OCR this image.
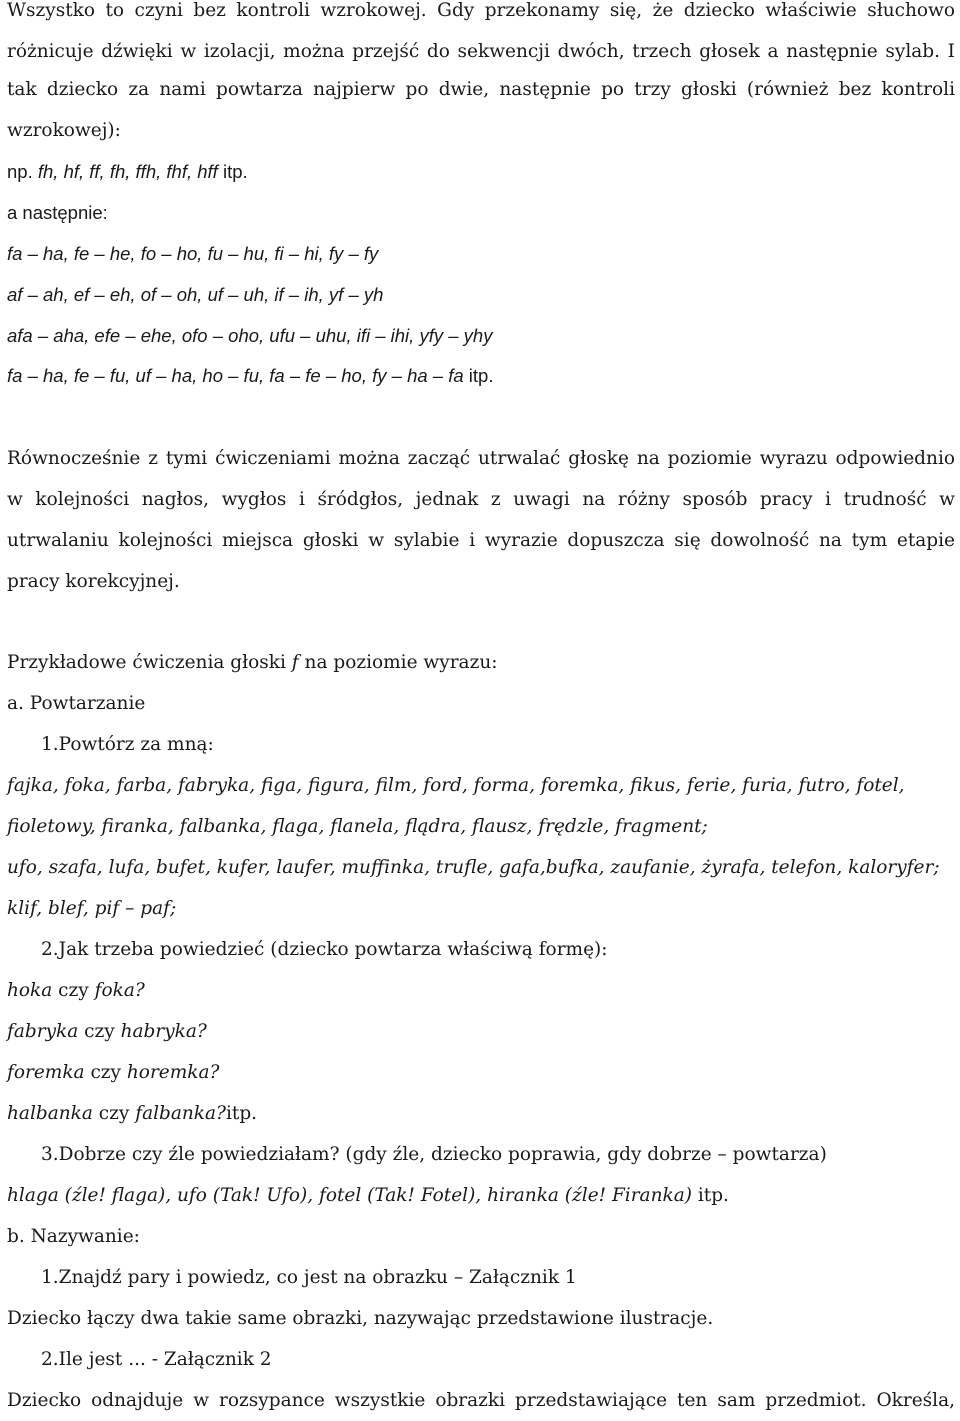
Wszystko to czyni bez kontroli wzrokowej. Gdy przekonamy się, że dziecko właściwie słuchowo
różnicuje dźwięki w izolacji, można przejść do sekwencji dwóch, trzech głosek a następnie sylab. I
tak dziecko za nami powtarza najpierw po dwie, następnie po trzy głoski (również bez kontroli
wzrokowej):
np. fh, hf, ff, fh, ffh, fhf, hff itp.
a następnie:
fa – ha, fe – he, fo – ho, fu – hu, fi – hi, fy – fy
af – ah, ef – eh, of – oh, uf – uh, if – ih, yf – yh
afa – aha, efe – ehe, ofo – oho, ufu – uhu, ifi – ihi, yfy – yhy
fa – ha, fe – fu, uf – ha, ho – fu, fa – fe – ho, fy – ha – fa itp.
Równocześnie z tymi ćwiczeniami można zacząć utrwalać głoskę na poziomie wyrazu odpowiednio
w kolejności nagłos, wygłos i śródgłos, jednak z uwagi na różny sposób pracy i trudność w
utrwalaniu kolejności miejsca głoski w sylabie i wyrazie dopuszcza się dowolność na tym etapie
pracy korekcyjnej.
Przykładowe ćwiczenia głoski f na poziomie wyrazu:
a. Powtarzanie
1.Powtórz za mną:
fajka, foka, farba, fabryka, figa, figura, film, ford, forma, foremka, fikus, ferie, furia, futro, fotel,
fioletowy, firanka, falbanka, flaga, flanela, flądra, flausz, frędzle, fragment;
ufo, szafa, lufa, bufet, kufer, laufer, muffinka, trufle, gafa,bufka, zaufanie, żyrafa, telefon, kaloryfer;
klif, blef, pif – paf;
2.Jak trzeba powiedzieć (dziecko powtarza właściwą formę):
hoka czy foka?
fabryka czy habryka?
foremka czy horemka?
halbanka czy falbanka?itp.
3.Dobrze czy źle powiedziałam? (gdy źle, dziecko poprawia, gdy dobrze – powtarza)
hlaga (źle! flaga), ufo (Tak! Ufo), fotel (Tak! Fotel), hiranka (źle! Firanka) itp.
b. Nazywanie:
1.Znajdź pary i powiedz, co jest na obrazku – Załącznik 1
Dziecko łączy dwa takie same obrazki, nazywając przedstawione ilustracje.
2.Ile jest ... - Załącznik 2
Dziecko odnajduje w rozsypance wszystkie obrazki przedstawiające ten sam przedmiot. Określa,
